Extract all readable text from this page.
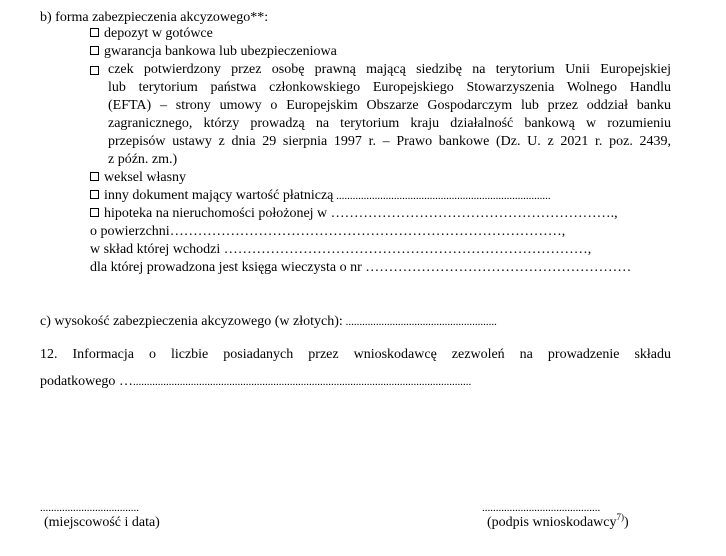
b) forma zabezpieczenia akcyzowego**:
depozyt w gotówce
gwarancja bankowa lub ubezpieczeniowa
czek potwierdzony przez osobę prawną mającą siedzibę na terytorium Unii Europejskiej
lub terytorium państwa członkowskiego Europejskiego Stowarzyszenia Wolnego Handlu
(EFTA) – strony umowy o Europejskim Obszarze Gospodarczym lub przez oddział banku
zagranicznego, którzy prowadzą na terytorium kraju działalność bankową w rozumieniu
przepisów ustawy z dnia 29 sierpnia 1997 r. – Prawo bankowe (Dz. U. z 2021 r. poz. 2439,
z późn. zm.)
weksel własny
inny dokument mający wartość płatniczą ..............................................................................
hipoteka na nieruchomości położonej w …………………………………………………….,
o powierzchni…………………………………………………………………………,
w skład której wchodzi ……………………………………………………………………,
dla której prowadzona jest księga wieczysta o nr …………………………………………………
c) wysokość zabezpieczenia akcyzowego (w złotych): .......................................................
12. Informacja o liczbie posiadanych przez wnioskodawcę zezwoleń na prowadzenie składu
podatkowego …...........................................................................................................................
....................................
(miejscowość i data)
...........................................
(podpis wnioskodawcy$^{7)}$)
